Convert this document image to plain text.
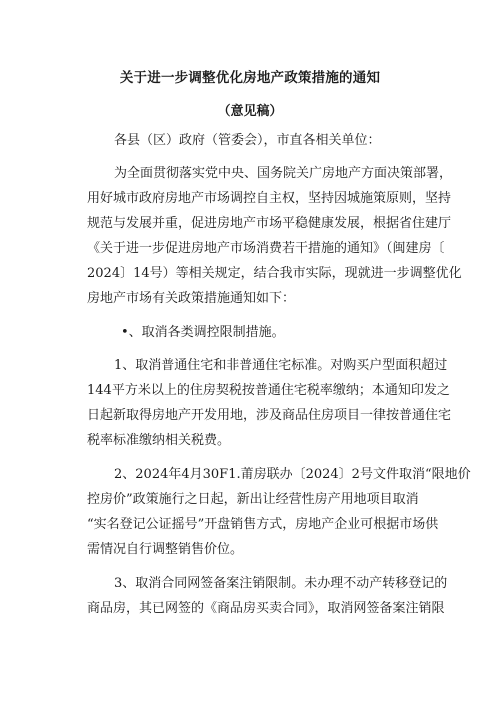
关于进一步调整优化房地产政策措施的通知
（意见稿）
各县（区）政府（管委会），市直各相关单位：
为全面贯彻落实党中央、国务院关广房地产方面决策部署，
用好城市政府房地产市场调控自主权，坚持因城施策原则，坚持
规范与发展并重，促进房地产市场平稳健康发展，根据省住建厅
《关于进一步促进房地产市场消费若干措施的通知》（闽建房〔
2024〕14号）等相关规定，结合我市实际，现就进一步调整优化
房地产市场有关政策措施通知如下：
•、取消各类调控限制措施。
1、取消普通住宅和非普通住宅标准。对购买户型面积超过
144平方米以上的住房契税按普通住宅税率缴纳；本通知印发之
日起新取得房地产开发用地，涉及商品住房项目一律按普通住宅
税率标准缴纳相关税费。
2、2024年4月30F1.莆房联办〔2024〕2号文件取消“限地价
控房价”政策施行之日起，新出让经营性房产用地项目取消
“实名登记公证摇号”开盘销售方式，房地产企业可根据市场供
需情况自行调整销售价位。
3、取消合同网签备案注销限制。未办理不动产转移登记的
商品房，其已网签的《商品房买卖合同》，取消网签备案注销限
